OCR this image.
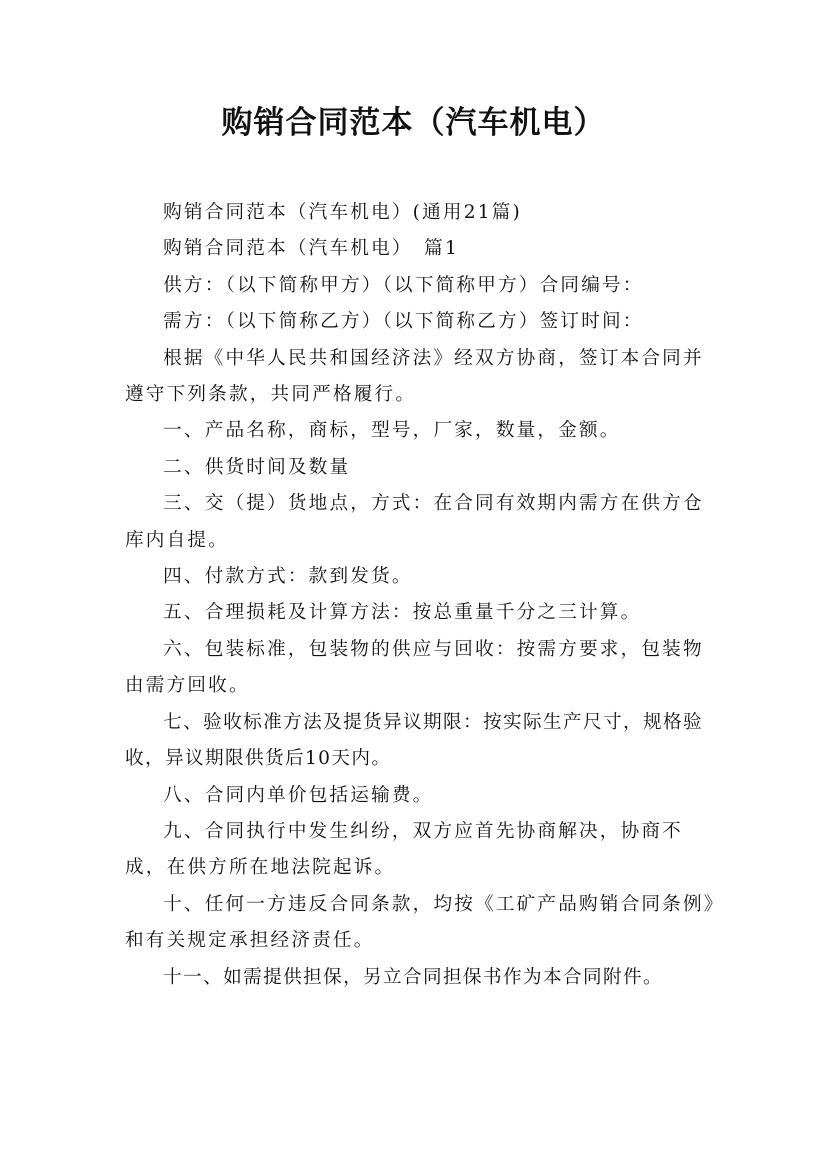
购销合同范本（汽车机电）

购销合同范本（汽车机电）(通用21篇)

购销合同范本（汽车机电）　篇1

供方：（以下简称甲方）（以下简称甲方）合同编号：

需方：（以下简称乙方）（以下简称乙方）签订时间：

根据《中华人民共和国经济法》经双方协商，签订本合同并遵守下列条款，共同严格履行。

一、产品名称，商标，型号，厂家，数量，金额。

二、供货时间及数量

三、交（提）货地点，方式：在合同有效期内需方在供方仓库内自提。

四、付款方式：款到发货。

五、合理损耗及计算方法：按总重量千分之三计算。

六、包装标准，包装物的供应与回收：按需方要求，包装物由需方回收。

七、验收标准方法及提货异议期限：按实际生产尺寸，规格验收，异议期限供货后10天内。

八、合同内单价包括运输费。

九、合同执行中发生纠纷，双方应首先协商解决，协商不成，在供方所在地法院起诉。

十、任何一方违反合同条款，均按《工矿产品购销合同条例》和有关规定承担经济责任。

十一、如需提供担保，另立合同担保书作为本合同附件。
